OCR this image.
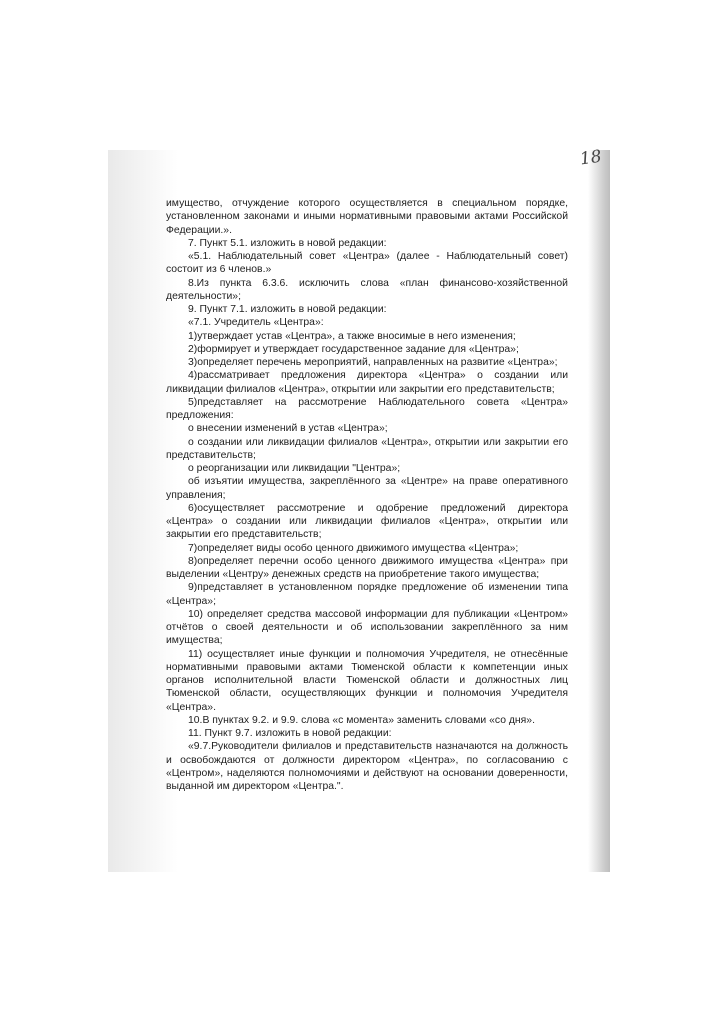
18

имущество, отчуждение которого осуществляется в специальном порядке, установленном законами и иными нормативными правовыми актами Российской Федерации.».

7. Пункт 5.1. изложить в новой редакции:

«5.1. Наблюдательный совет «Центра» (далее - Наблюдательный совет) состоит из 6 членов.»

8.Из пункта 6.3.6. исключить слова «план финансово-хозяйственной деятельности»;

9. Пункт 7.1. изложить в новой редакции:

«7.1. Учредитель «Центра»:

1)утверждает устав «Центра», а также вносимые в него изменения;

2)формирует и утверждает государственное задание для «Центра»;

3)определяет перечень мероприятий, направленных на развитие «Центра»;

4)рассматривает предложения директора «Центра» о создании или ликвидации филиалов «Центра», открытии или закрытии его представительств;

5)представляет на рассмотрение Наблюдательного совета «Центра» предложения:

о внесении изменений в устав «Центра»;

о создании или ликвидации филиалов «Центра», открытии или закрытии его представительств;

о реорганизации или ликвидации "Центра»;

об изъятии имущества, закреплённого за «Центре» на праве оперативного управления;

6)осуществляет рассмотрение и одобрение предложений директора «Центра» о создании или ликвидации филиалов «Центра», открытии или закрытии его представительств;

7)определяет виды особо ценного движимого имущества «Центра»;

8)определяет перечни особо ценного движимого имущества «Центра» при выделении «Центру» денежных средств на приобретение такого имущества;

9)представляет в установленном порядке предложение об изменении типа «Центра»;

10) определяет средства массовой информации для публикации «Центром» отчётов о своей деятельности и об использовании закреплённого за ним имущества;

11) осуществляет иные функции и полномочия Учредителя, не отнесённые нормативными правовыми актами Тюменской области к компетенции иных органов исполнительной власти Тюменской области и должностных лиц Тюменской области, осуществляющих функции и полномочия Учредителя «Центра».

10.В пунктах 9.2. и 9.9. слова «с момента» заменить словами «со дня».

11. Пункт 9.7. изложить в новой редакции:

«9.7.Руководители филиалов и представительств назначаются на должность и освобождаются от должности директором «Центра», по согласованию с «Центром», наделяются полномочиями и действуют на основании доверенности, выданной им директором «Центра.".
